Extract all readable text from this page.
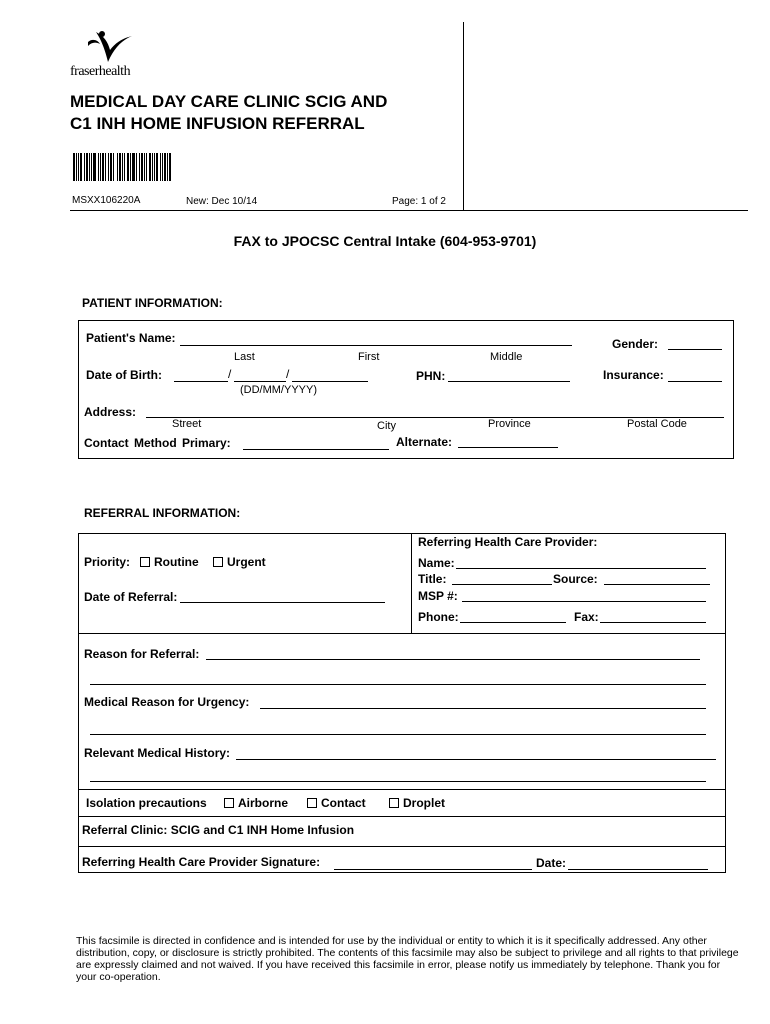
fraserhealth
MEDICAL DAY CARE CLINIC SCIG AND
C1 INH HOME INFUSION REFERRAL
MSXX106220A	New: Dec 10/14	Page: 1 of 2
FAX to JPOCSC Central Intake (604-953-9701)
PATIENT INFORMATION:
Patient's Name:
Last	First	Middle
Gender:
Date of Birth:	/	/
(DD/MM/YYYY)
PHN:	Insurance:
Address:
Street	City	Province	Postal Code
Contact Method Primary:	Alternate:
REFERRAL INFORMATION:
Priority:	Routine	Urgent
Date of Referral:
Referring Health Care Provider:
Name:
Title:	Source:
MSP #:
Phone:	Fax:
Reason for Referral:
Medical Reason for Urgency:
Relevant Medical History:
Isolation precautions	Airborne	Contact	Droplet
Referral Clinic: SCIG and C1 INH Home Infusion
Referring Health Care Provider Signature:	Date:
This facsimile is directed in confidence and is intended for use by the individual or entity to which it is it specifically addressed. Any other distribution, copy, or disclosure is strictly prohibited. The contents of this facsimile may also be subject to privilege and all rights to that privilege are expressly claimed and not waived. If you have received this facsimile in error, please notify us immediately by telephone. Thank you for your co-operation.
